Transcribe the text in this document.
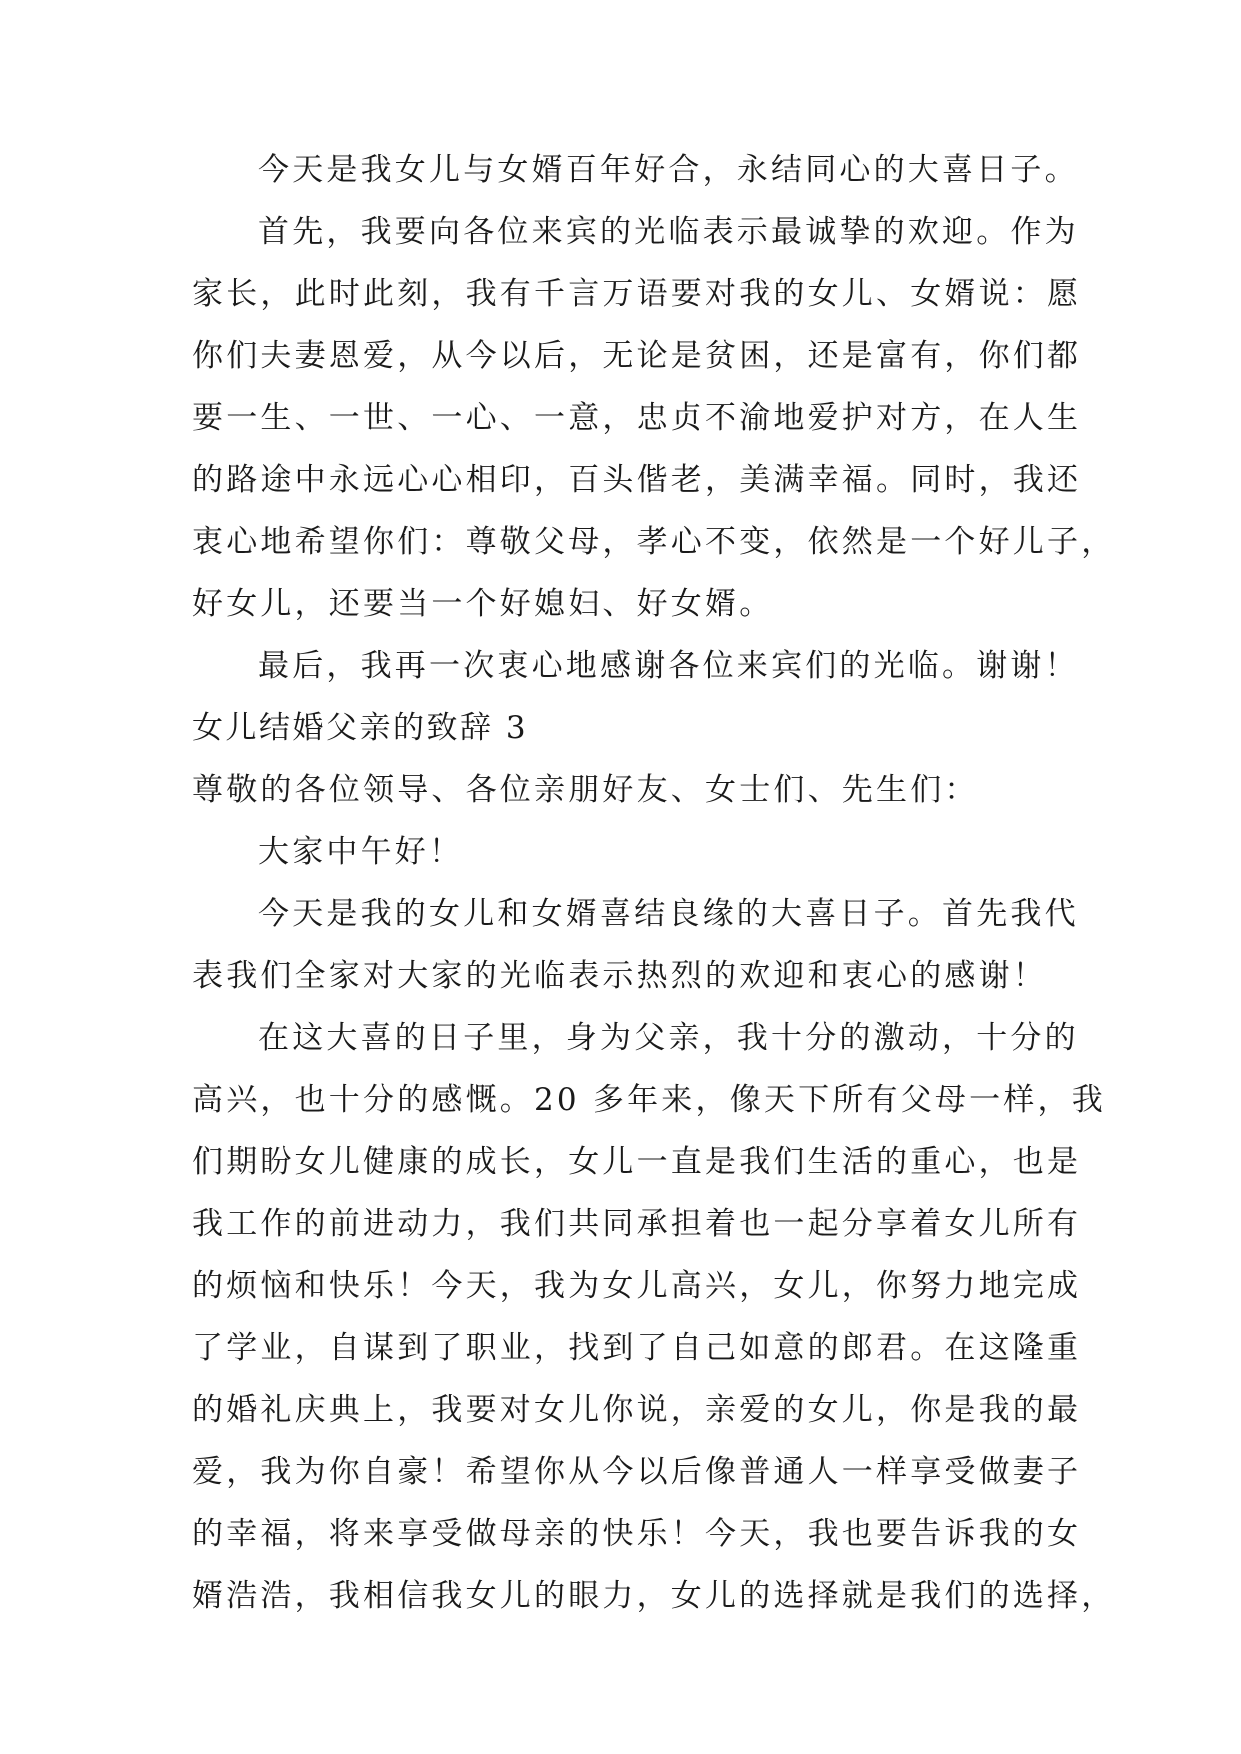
今天是我女儿与女婿百年好合，永结同心的大喜日子。
首先，我要向各位来宾的光临表示最诚挚的欢迎。作为
家长，此时此刻，我有千言万语要对我的女儿、女婿说：愿
你们夫妻恩爱，从今以后，无论是贫困，还是富有，你们都
要一生、一世、一心、一意，忠贞不渝地爱护对方，在人生
的路途中永远心心相印，百头偕老，美满幸福。同时，我还
衷心地希望你们：尊敬父母，孝心不变，依然是一个好儿子，
好女儿，还要当一个好媳妇、好女婿。
最后，我再一次衷心地感谢各位来宾们的光临。谢谢！
女儿结婚父亲的致辞 3
尊敬的各位领导、各位亲朋好友、女士们、先生们：
大家中午好！
今天是我的女儿和女婿喜结良缘的大喜日子。首先我代
表我们全家对大家的光临表示热烈的欢迎和衷心的感谢！
在这大喜的日子里，身为父亲，我十分的激动，十分的
高兴，也十分的感慨。20 多年来，像天下所有父母一样，我
们期盼女儿健康的成长，女儿一直是我们生活的重心，也是
我工作的前进动力，我们共同承担着也一起分享着女儿所有
的烦恼和快乐！今天，我为女儿高兴，女儿，你努力地完成
了学业，自谋到了职业，找到了自己如意的郎君。在这隆重
的婚礼庆典上，我要对女儿你说，亲爱的女儿，你是我的最
爱，我为你自豪！希望你从今以后像普通人一样享受做妻子
的幸福，将来享受做母亲的快乐！今天，我也要告诉我的女
婿浩浩，我相信我女儿的眼力，女儿的选择就是我们的选择，
